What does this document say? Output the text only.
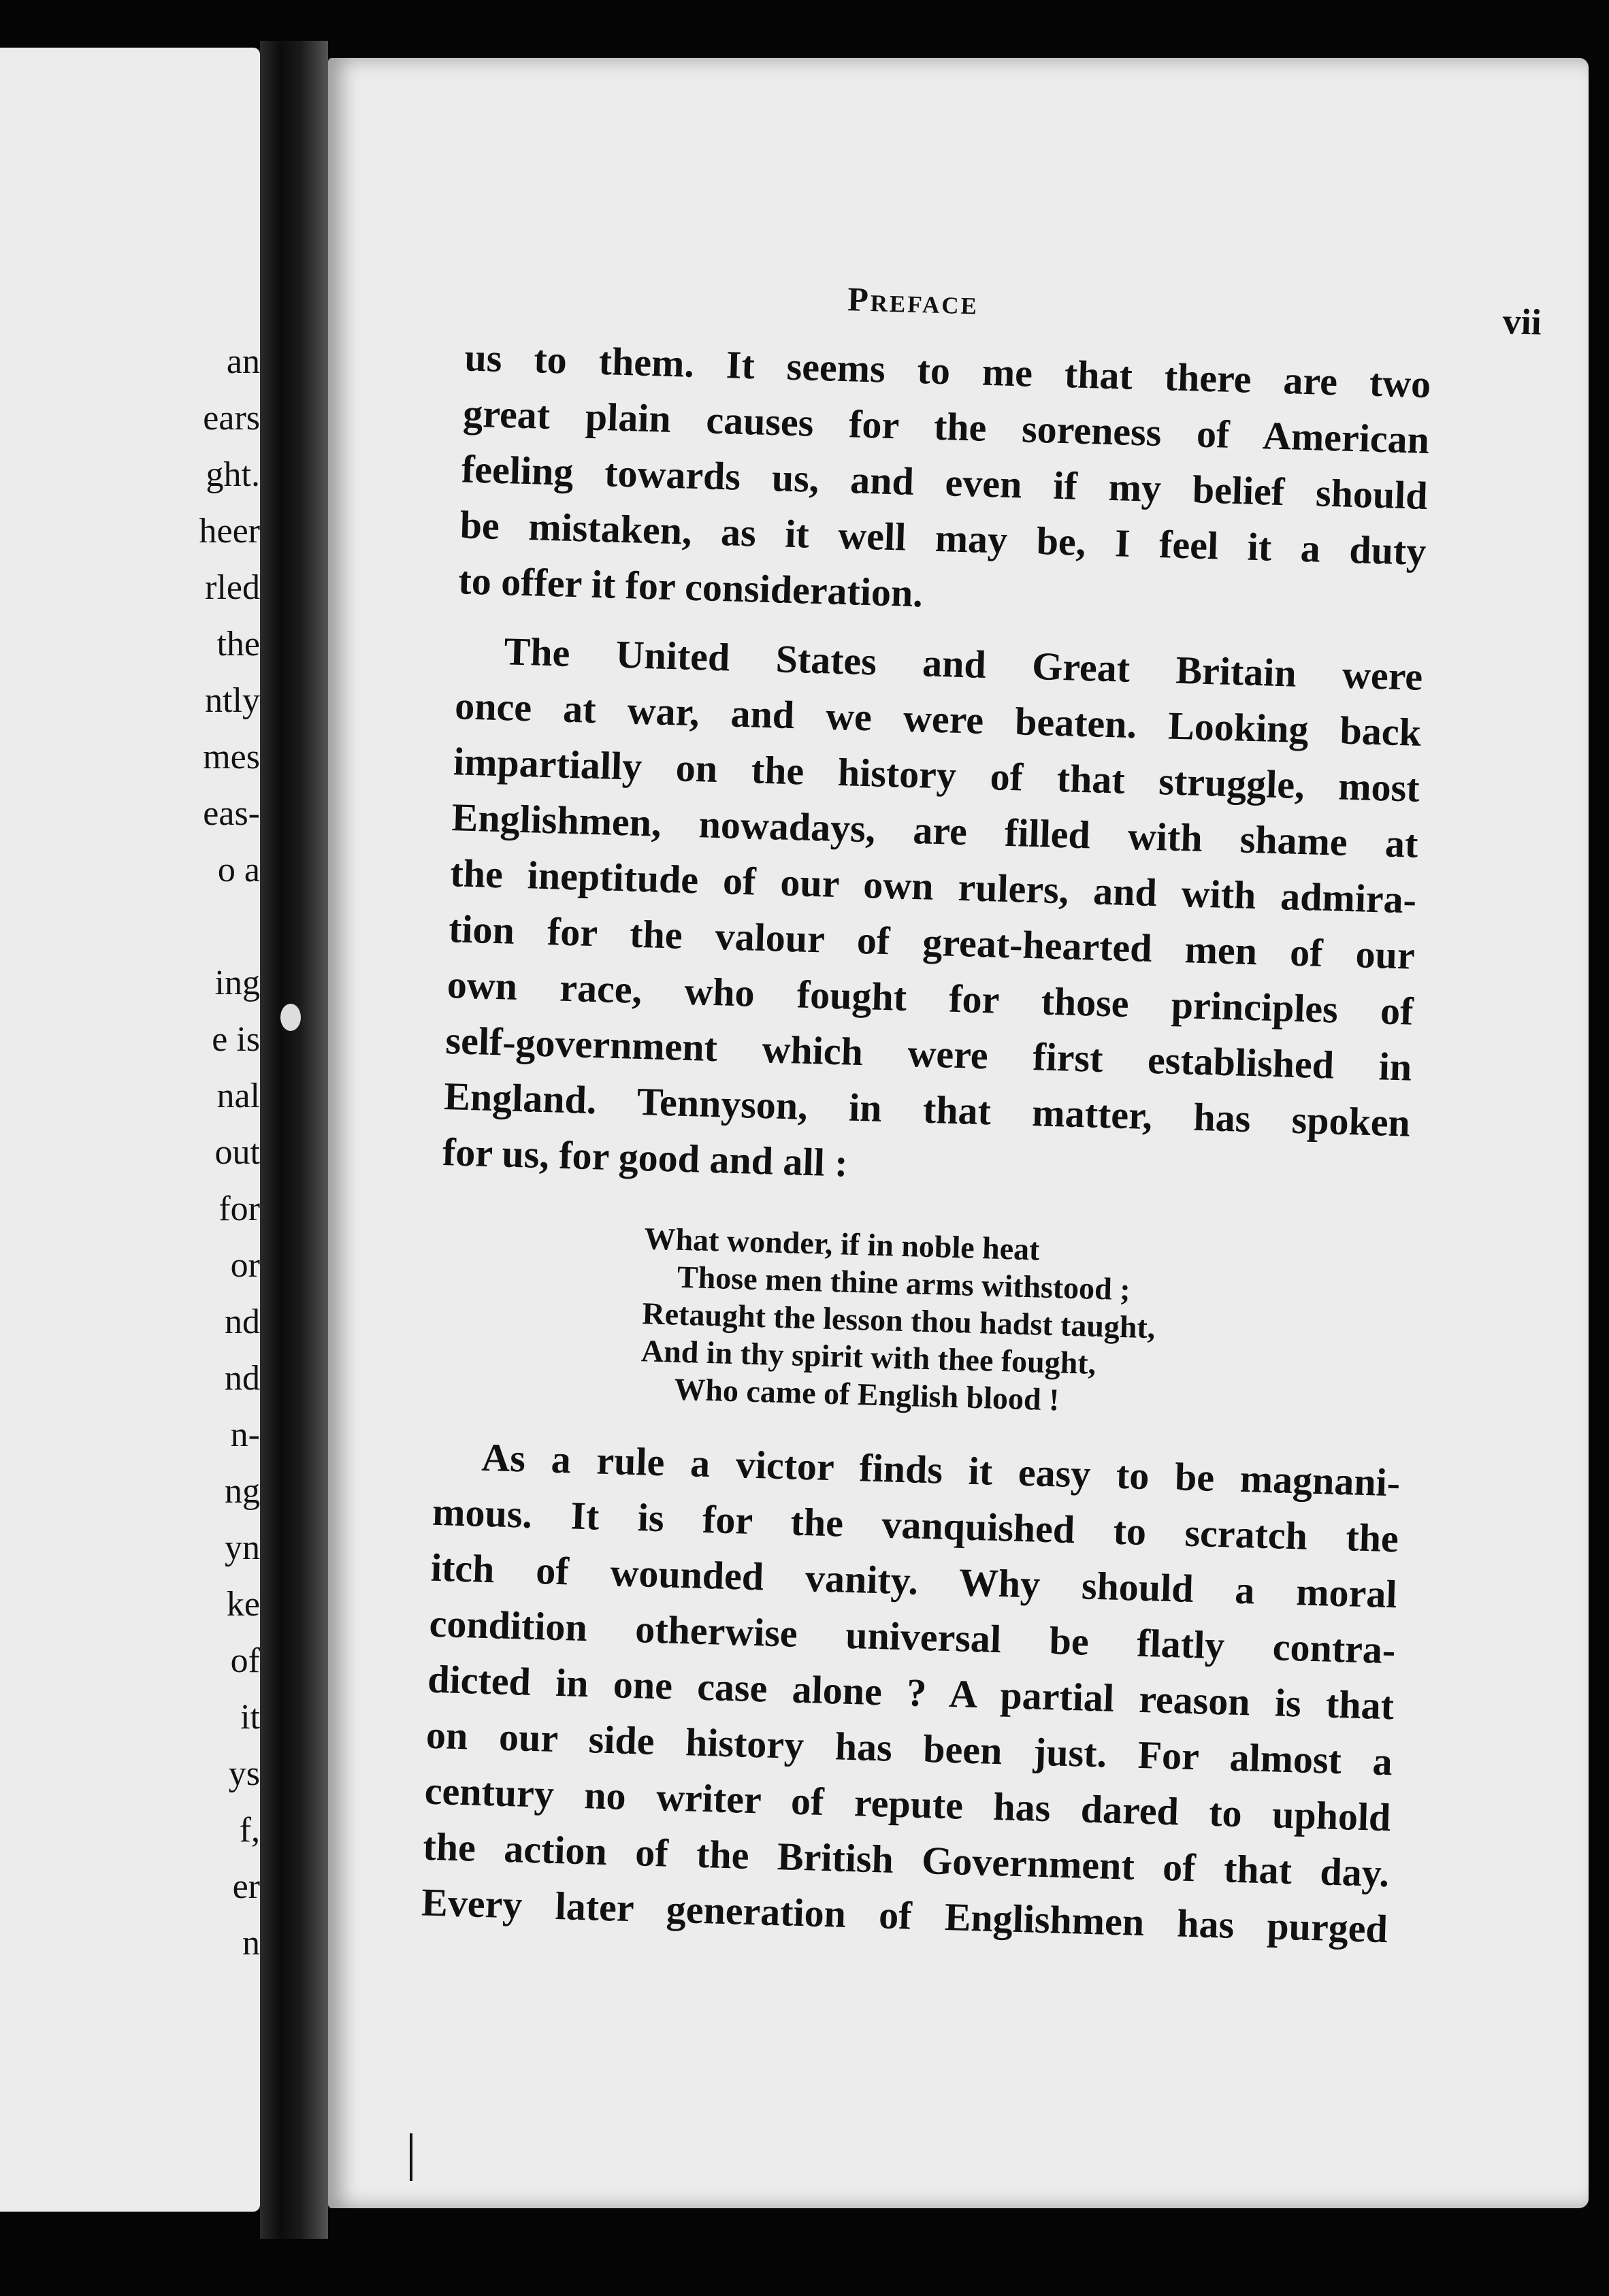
an
ears
ght.
heer
rled
the
ntly
mes
eas-
o a
ing
e is
nal
out
for
or
nd
nd
n-
ng
yn
ke
of
it
ys
f,
er
n
Preface
vii
us to them. It seems to me that there are two
great plain causes for the soreness of American
feeling towards us, and even if my belief should
be mistaken, as it well may be, I feel it a duty
to offer it for consideration.
The United States and Great Britain were
once at war, and we were beaten. Looking back
impartially on the history of that struggle, most
Englishmen, nowadays, are filled with shame at
the ineptitude of our own rulers, and with admira-
tion for the valour of great-hearted men of our
own race, who fought for those principles of
self-government which were first established in
England. Tennyson, in that matter, has spoken
for us, for good and all :
What wonder, if in noble heat
Those men thine arms withstood ;
Retaught the lesson thou hadst taught,
And in thy spirit with thee fought,
Who came of English blood !
As a rule a victor finds it easy to be magnani-
mous. It is for the vanquished to scratch the
itch of wounded vanity. Why should a moral
condition otherwise universal be flatly contra-
dicted in one case alone ? A partial reason is that
on our side history has been just. For almost a
century no writer of repute has dared to uphold
the action of the British Government of that day.
Every later generation of Englishmen has purged
